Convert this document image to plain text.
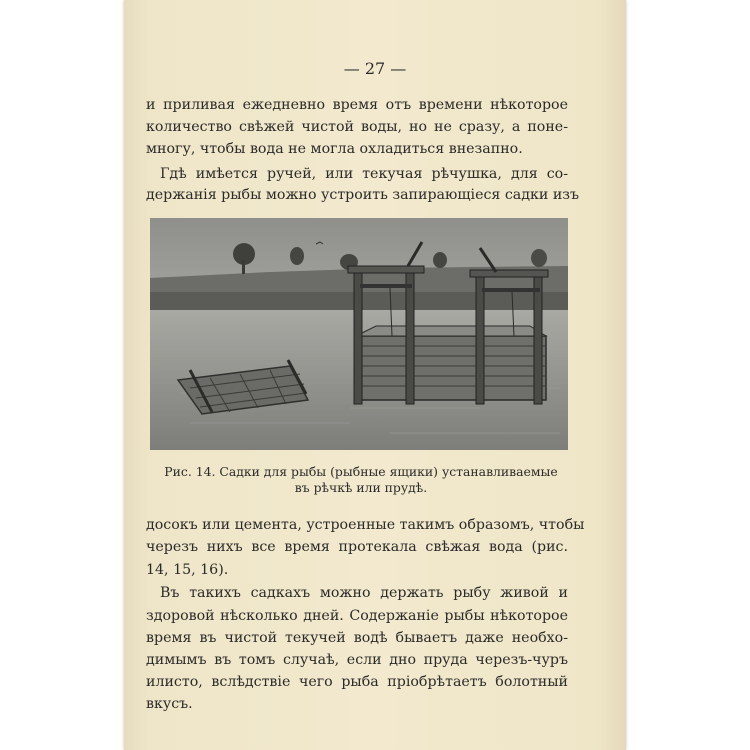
— 27 —
и приливая ежедневно время отъ времени нѣкоторое
количество свѣжей чистой воды, но не сразу, а поне-
многу, чтобы вода не могла охладиться внезапно.
Гдѣ имѣется ручей, или текучая рѣчушка, для со-
держанія рыбы можно устроить запирающіеся садки изъ
Рис. 14. Садки для рыбы (рыбные ящики) устанавливаемые
въ рѣчкѣ или прудѣ.
досокъ или цемента, устроенные такимъ образомъ, чтобы
черезъ нихъ все время протекала свѣжая вода (рис.
14, 15, 16).
Въ такихъ садкахъ можно держать рыбу живой и
здоровой нѣсколько дней. Содержаніе рыбы нѣкоторое
время въ чистой текучей водѣ бываетъ даже необхо-
димымъ въ томъ случаѣ, если дно пруда черезъ-чуръ
илисто, вслѣдствіе чего рыба пріобрѣтаетъ болотный
вкусъ.
